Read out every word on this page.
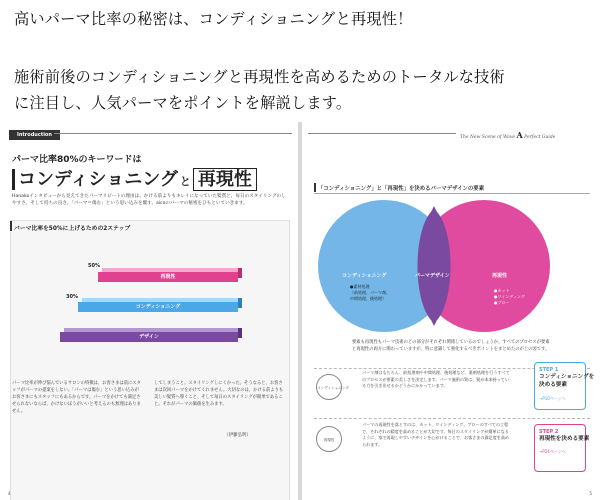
高いパーマ比率の秘密は、コンディショニングと再現性！
施術前後のコンディショニングと再現性を高めるためのトータルな技術
に注目し、人気パーマをポイントを解説します。
Introduction
パーマ比率80%のキーワードは
コンディショニング と 再現性
Hanakoインタビューから見えてきたパーマリピートの理由は、かける前よりもキレイになっていた髪質と、毎日のスタイリングのしやすさ。そして持ちの良さ。「パーマ＝傷む」という思い込みを覆す、aicoのパーマの秘密をひもといていきます。
パーマ比率を50%に上げるための2ステップ
50%
30%
再現性
コンディショニング
デザイン
パーマ比率が伸び悩んでいるサロンの特徴は、お客さまは前にスタッフがパーマの提案をしない。「パーマは傷む」という思い込みがお客さまにもスタッフにもあるからです。パーマをかけても満足させられないならば、かけないほうがいいと考えるのも無理はありません。
してしまうこと。スタイリングしにくかった。そうなると、お客さまは次回パーマをかけてくれません。大切なのは、かける前よりも美しい髪質へ導くこと、そして毎日のスタイリングが簡単であること。それがパーマの価値を生みます。
（伊藤弘明）
4
The New Scene of Wave A Perfect Guide
「コンディショニング」と「再現性」を決めるパーマデザインの要素
コンディショニング
●素材処理
（前処理、パーマ剤、
中間処理、後処理）
パーマデザイン	再現性
●カット
●ワインディング
●ブロー
要素も再現性もパーマ技術のどの部分がそれぞれ関係しているのでしょうか。すべてのプロセスが要素と再現性の両方に関わっていますが、特に意識して強化するべきポイントをまとめたのが上の図です。
コンディショニング
パーマ剤はもちろん、前処理剤や中間処理、後処理など、薬剤処理を行うすべてのプロセスが要素の美しさを決定します。パーマ施術の質は、髪が本来持っている力を引き出せるかどうかにかかっています。
再現性
パーマの再現性を落とすのは、カット、ワインディング、ブローのすべての工程で、それぞれの精度を高めることが大切です。毎日のスタイリングが簡単になるように、家で再現しやすいデザインを心がけることで、お客さまの満足度を高められます。
STEP 1
コンディショニングを
決める要素
→P10ページへ
STEP 2
再現性を決める要素
→P24ページへ
5
